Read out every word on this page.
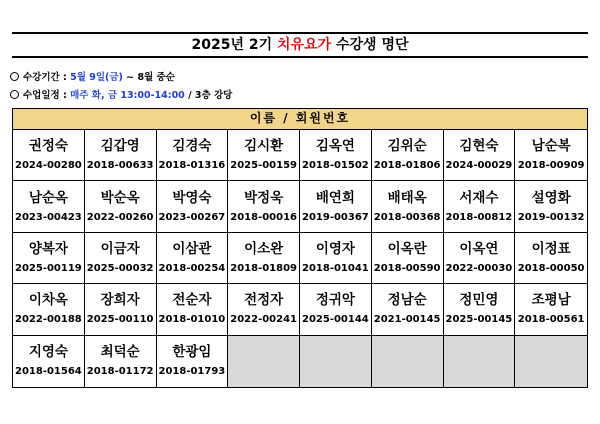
2025년 2기 치유요가 수강생 명단
수강기간 : 5월 9일(금) ~ 8월 중순
수업일정 : 매주 화, 금 13:00-14:00 / 3층 강당
이름 / 회원번호
권정숙
2024-00280
김갑영
2018-00633
김경숙
2018-01316
김시환
2025-00159
김옥연
2018-01502
김위순
2018-01806
김현숙
2024-00029
남순복
2018-00909
남순옥
2023-00423
박순옥
2022-00260
박영숙
2023-00267
박정욱
2018-00016
배연희
2019-00367
배태옥
2018-00368
서재수
2018-00812
설영화
2019-00132
양복자
2025-00119
이금자
2025-00032
이삼관
2018-00254
이소완
2018-01809
이영자
2018-01041
이옥란
2018-00590
이옥연
2022-00030
이정표
2018-00050
이차옥
2022-00188
장희자
2025-00110
전순자
2018-01010
전정자
2022-00241
정귀악
2025-00144
정남순
2021-00145
정민영
2025-00145
조평남
2018-00561
지영숙
2018-01564
최덕순
2018-01172
한광임
2018-01793
